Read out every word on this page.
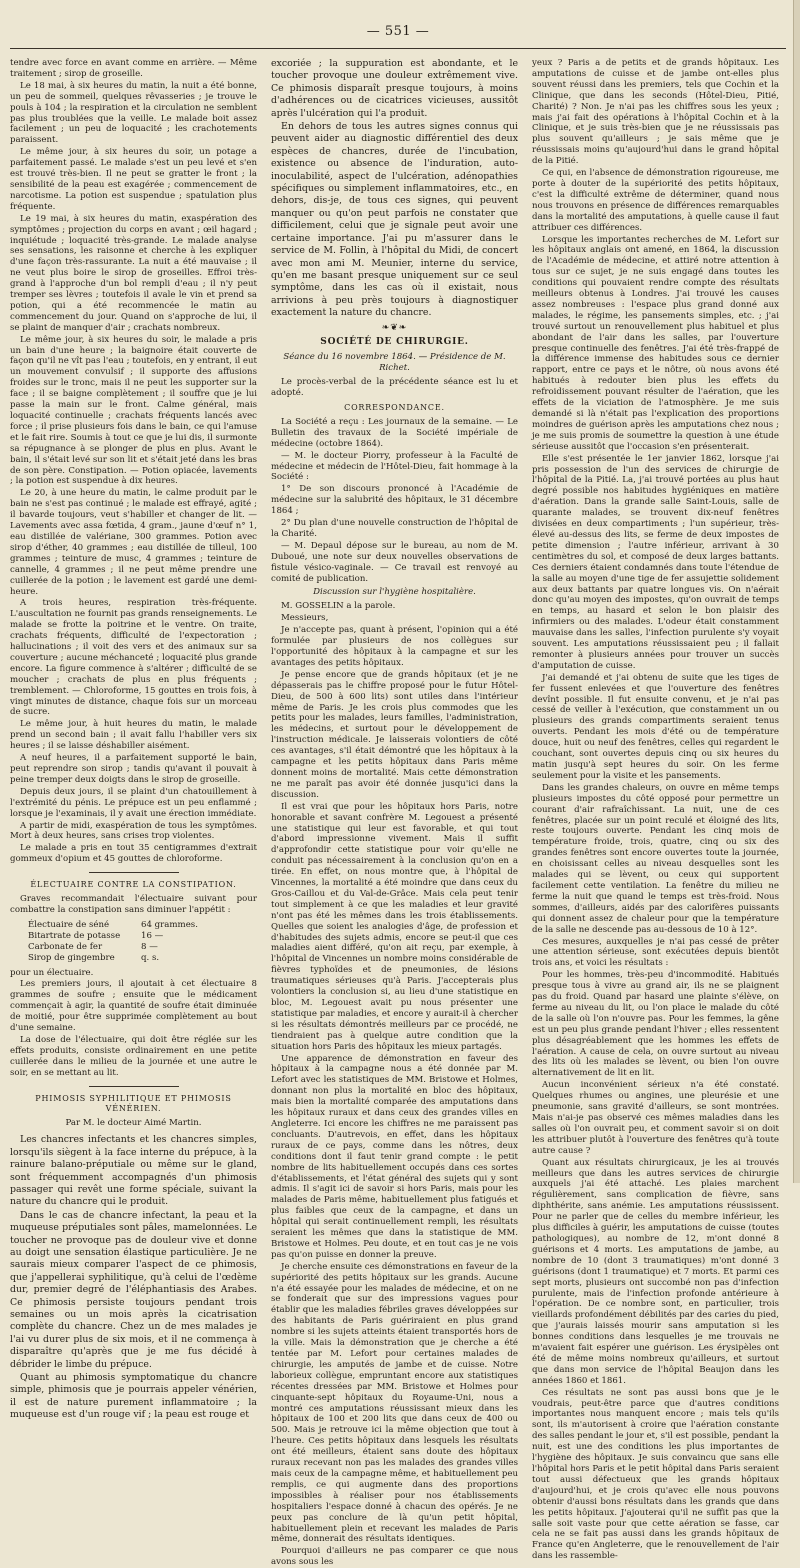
— 551 —

tendre avec force en avant comme en arrière. — Même traitement ; sirop de groseille.

Le 18 mai, à six heures du matin, la nuit a été bonne, un peu de sommeil, quelques rêvasseries ; je trouve le pouls à 104 ; la respiration et la circulation ne semblent pas plus troublées que la veille. Le malade boit assez facilement ; un peu de loquacité ; les crachotements paraissent.

Le même jour, à six heures du soir, un potage a parfaitement passé. Le malade s'est un peu levé et s'en est trouvé très-bien. Il ne peut se gratter le front ; la sensibilité de la peau est exagérée ; commencement de narcotisme. La potion est suspendue ; spatulation plus fréquente.

Le 19 mai, à six heures du matin, exaspération des symptômes ; projection du corps en avant ; œil hagard ; inquiétude ; loquacité très-grande. Le malade analyse ses sensations, les raisonne et cherche à les expliquer d'une façon très-rassurante. La nuit a été mauvaise ; il ne veut plus boire le sirop de groseilles. Effroi très-grand à l'approche d'un bol rempli d'eau ; il n'y peut tremper ses lèvres ; toutefois il avale le vin et prend sa potion, qui a été recommencée le matin au commencement du jour. Quand on s'approche de lui, il se plaint de manquer d'air ; crachats nombreux.

Le même jour, à six heures du soir, le malade a pris un bain d'une heure ; la baignoire était couverte de façon qu'il ne vît pas l'eau ; toutefois, en y entrant, il eut un mouvement convulsif ; il supporte des affusions froides sur le tronc, mais il ne peut les supporter sur la face ; il se baigne complètement ; il souffre que je lui passe la main sur le front. Calme général, mais loquacité continuelle ; crachats fréquents lancés avec force ; il prise plusieurs fois dans le bain, ce qui l'amuse et le fait rire. Soumis à tout ce que je lui dis, il surmonte sa répugnance à se plonger de plus en plus. Avant le bain, il s'était levé sur son lit et s'était jeté dans les bras de son père. Constipation. — Potion opiacée, lavements ; la potion est suspendue à dix heures.

Le 20, à une heure du matin, le calme produit par le bain ne s'est pas continué ; le malade est effrayé, agité ; il bavarde toujours, veut s'habiller et changer de lit. — Lavements avec assa fœtida, 4 gram., jaune d'œuf n° 1, eau distillée de valériane, 300 grammes. Potion avec sirop d'éther, 40 grammes ; eau distillée de tilleul, 100 grammes ; teinture de musc, 4 grammes ; teinture de cannelle, 4 grammes ; il ne peut même prendre une cuillerée de la potion ; le lavement est gardé une demi-heure.

A trois heures, respiration très-fréquente. L'auscultation ne fournit pas grands renseignements. Le malade se frotte la poitrine et le ventre. On traite, crachats fréquents, difficulté de l'expectoration ; hallucinations ; il voit des vers et des animaux sur sa couverture ; aucune méchanceté ; loquacité plus grande encore. La figure commence à s'altérer ; difficulté de se moucher ; crachats de plus en plus fréquents ; tremblement. — Chloroforme, 15 gouttes en trois fois, à vingt minutes de distance, chaque fois sur un morceau de sucre.

Le même jour, à huit heures du matin, le malade prend un second bain ; il avait fallu l'habiller vers six heures ; il se laisse déshabiller aisément.

A neuf heures, il a parfaitement supporté le bain, peut reprendre son sirop ; tandis qu'avant il pouvait à peine tremper deux doigts dans le sirop de groseille.

Depuis deux jours, il se plaint d'un chatouillement à l'extrémité du pénis. Le prépuce est un peu enflammé ; lorsque je l'examinais, il y avait une érection immédiate.

A partir de midi, exaspération de tous les symptômes. Mort à deux heures, sans crises trop violentes.

Le malade a pris en tout 35 centigrammes d'extrait gommeux d'opium et 45 gouttes de chloroforme.

ÉLECTUAIRE CONTRE LA CONSTIPATION.

Graves recommandait l'électuaire suivant pour combattre la constipation sans diminuer l'appétit :

Électuaire de séné	64 grammes.
Bitartrate de potasse	16 —
Carbonate de fer	8 —
Sirop de gingembre	q. s.

pour un électuaire.

Les premiers jours, il ajoutait à cet électuaire 8 grammes de soufre ; ensuite que le médicament commençait à agir, la quantité de soufre était diminuée de moitié, pour être supprimée complètement au bout d'une semaine.

La dose de l'électuaire, qui doit être réglée sur les effets produits, consiste ordinairement en une petite cuillerée dans le milieu de la journée et une autre le soir, en se mettant au lit.

PHIMOSIS SYPHILITIQUE ET PHIMOSIS VÉNÉRIEN.
Par M. le docteur Aimé Martin.

Les chancres infectants et les chancres simples, lorsqu'ils siègent à la face interne du prépuce, à la rainure balano-préputiale ou même sur le gland, sont fréquemment accompagnés d'un phimosis passager qui revêt une forme spéciale, suivant la nature du chancre qui le produit.

Dans le cas de chancre infectant, la peau et la muqueuse préputiales sont pâles, mamelonnées. Le toucher ne provoque pas de douleur vive et donne au doigt une sensation élastique particulière. Je ne saurais mieux comparer l'aspect de ce phimosis, que j'appellerai syphilitique, qu'à celui de l'œdème dur, premier degré de l'éléphantiasis des Arabes. Ce phimosis persiste toujours pendant trois semaines ou un mois après la cicatrisation complète du chancre. Chez un de mes malades je l'ai vu durer plus de six mois, et il ne commença à disparaître qu'après que je me fus décidé à débrider le limbe du prépuce.

Quant au phimosis symptomatique du chancre simple, phimosis que je pourrais appeler vénérien, il est de nature purement inflammatoire ; la muqueuse est d'un rouge vif ; la peau est rouge et

excoriée ; la suppuration est abondante, et le toucher provoque une douleur extrêmement vive. Ce phimosis disparaît presque toujours, à moins d'adhérences ou de cicatrices vicieuses, aussitôt après l'ulcération qui l'a produit.

En dehors de tous les autres signes connus qui peuvent aider au diagnostic différentiel des deux espèces de chancres, durée de l'incubation, existence ou absence de l'induration, auto-inoculabilité, aspect de l'ulcération, adénopathies spécifiques ou simplement inflammatoires, etc., en dehors, dis-je, de tous ces signes, qui peuvent manquer ou qu'on peut parfois ne constater que difficilement, celui que je signale peut avoir une certaine importance. J'ai pu m'assurer dans le service de M. Follin, à l'hôpital du Midi, de concert avec mon ami M. Meunier, interne du service, qu'en me basant presque uniquement sur ce seul symptôme, dans les cas où il existait, nous arrivions à peu près toujours à diagnostiquer exactement la nature du chancre.

❧❦❧
SOCIÉTÉ DE CHIRURGIE.
Séance du 16 novembre 1864. — Présidence de M. Richet.

Le procès-verbal de la précédente séance est lu et adopté.

CORRESPONDANCE.

La Société a reçu : Les journaux de la semaine. — Le Bulletin des travaux de la Société impériale de médecine (octobre 1864).

— M. le docteur Piorry, professeur à la Faculté de médecine et médecin de l'Hôtel-Dieu, fait hommage à la Société :

1° De son discours prononcé à l'Académie de médecine sur la salubrité des hôpitaux, le 31 décembre 1864 ;

2° Du plan d'une nouvelle construction de l'hôpital de la Charité.

— M. Depaul dépose sur le bureau, au nom de M. Duboué, une note sur deux nouvelles observations de fistule vésico-vaginale. — Ce travail est renvoyé au comité de publication.

Discussion sur l'hygiène hospitalière.

M. GOSSELIN a la parole.

Messieurs,

Je n'accepte pas, quant à présent, l'opinion qui a été formulée par plusieurs de nos collègues sur l'opportunité des hôpitaux à la campagne et sur les avantages des petits hôpitaux.

Je pense encore que de grands hôpitaux (et je ne dépasserais pas le chiffre proposé pour le futur Hôtel-Dieu, de 500 à 600 lits) sont utiles dans l'intérieur même de Paris. Je les crois plus commodes que les petits pour les malades, leurs familles, l'administration, les médecins, et surtout pour le développement de l'instruction médicale. Je laisserais volontiers de côté ces avantages, s'il était démontré que les hôpitaux à la campagne et les petits hôpitaux dans Paris même donnent moins de mortalité. Mais cette démonstration ne me paraît pas avoir été donnée jusqu'ici dans la discussion.

Il est vrai que pour les hôpitaux hors Paris, notre honorable et savant confrère M. Legouest a présenté une statistique qui leur est favorable, et qui tout d'abord impressionne vivement. Mais il suffit d'approfondir cette statistique pour voir qu'elle ne conduit pas nécessairement à la conclusion qu'on en a tirée. En effet, on nous montre que, à l'hôpital de Vincennes, la mortalité a été moindre que dans ceux du Gros-Caillou et du Val-de-Grâce. Mais cela peut tenir tout simplement à ce que les maladies et leur gravité n'ont pas été les mêmes dans les trois établissements. Quelles que soient les analogies d'âge, de profession et d'habitudes des sujets admis, encore se peut-il que ces maladies aient différé, qu'on ait reçu, par exemple, à l'hôpital de Vincennes un nombre moins considérable de fièvres typhoïdes et de pneumonies, de lésions traumatiques sérieuses qu'à Paris. J'accepterais plus volontiers la conclusion si, au lieu d'une statistique en bloc, M. Legouest avait pu nous présenter une statistique par maladies, et encore y aurait-il à chercher si les résultats démontrés meilleurs par ce procédé, ne tiendraient pas à quelque autre condition que la situation hors Paris des hôpitaux les mieux partagés.

Une apparence de démonstration en faveur des hôpitaux à la campagne nous a été donnée par M. Lefort avec les statistiques de MM. Bristowe et Holmes, donnant non plus la mortalité en bloc des hôpitaux, mais bien la mortalité comparée des amputations dans les hôpitaux ruraux et dans ceux des grandes villes en Angleterre. Ici encore les chiffres ne me paraissent pas concluants. D'autrevois, en effet, dans les hôpitaux ruraux de ce pays, comme dans les nôtres, deux conditions dont il faut tenir grand compte : le petit nombre de lits habituellement occupés dans ces sortes d'établissements, et l'état général des sujets qui y sont admis. Il s'agit ici de savoir si hors Paris, mais pour les malades de Paris même, habituellement plus fatigués et plus faibles que ceux de la campagne, et dans un hôpital qui serait continuellement rempli, les résultats seraient les mêmes que dans la statistique de MM. Bristowe et Holmes. Peu doute, et en tout cas je ne vois pas qu'on puisse en donner la preuve.

Je cherche ensuite ces démonstrations en faveur de la supériorité des petits hôpitaux sur les grands. Aucune n'a été essayée pour les malades de médecine, et on ne se fonderait que sur des impressions vagues pour établir que les maladies fébriles graves développées sur des habitants de Paris guériraient en plus grand nombre si les sujets atteints étaient transportés hors de la ville. Mais la démonstration que je cherche a été tentée par M. Lefort pour certaines malades de chirurgie, les amputés de jambe et de cuisse. Notre laborieux collègue, empruntant encore aux statistiques récentes dressées par MM. Bristowe et Holmes pour cinquante-sept hôpitaux du Royaume-Uni, nous a montré ces amputations réussissant mieux dans les hôpitaux de 100 et 200 lits que dans ceux de 400 ou 500. Mais je retrouve ici la même objection que tout à l'heure. Ces petits hôpitaux dans lesquels les résultats ont été meilleurs, étaient sans doute des hôpitaux ruraux recevant non pas les malades des grandes villes mais ceux de la campagne même, et habituellement peu remplis, ce qui augmente dans des proportions impossibles à réaliser pour nos établissements hospitaliers l'espace donné à chacun des opérés. Je ne peux pas conclure de là qu'un petit hôpital, habituellement plein et recevant les malades de Paris même, donnerait des résultats identiques.

Pourquoi d'ailleurs ne pas comparer ce que nous avons sous les

yeux ? Paris a de petits et de grands hôpitaux. Les amputations de cuisse et de jambe ont-elles plus souvent réussi dans les premiers, tels que Cochin et la Clinique, que dans les seconds (Hôtel-Dieu, Pitié, Charité) ? Non. Je n'ai pas les chiffres sous les yeux ; mais j'ai fait des opérations à l'hôpital Cochin et à la Clinique, et je suis très-bien que je ne réussissais pas plus souvent qu'ailleurs ; je sais même que je réussissais moins qu'aujourd'hui dans le grand hôpital de la Pitié.

Ce qui, en l'absence de démonstration rigoureuse, me porte à douter de la supériorité des petits hôpitaux, c'est la difficulté extrême de déterminer, quand nous nous trouvons en présence de différences remarquables dans la mortalité des amputations, à quelle cause il faut attribuer ces différences.

Lorsque les importantes recherches de M. Lefort sur les hôpitaux anglais ont amené, en 1864, la discussion de l'Académie de médecine, et attiré notre attention à tous sur ce sujet, je ne suis engagé dans toutes les conditions qui pouvaient rendre compte des résultats meilleurs obtenus à Londres. J'ai trouvé les causes assez nombreuses : l'espace plus grand donné aux malades, le régime, les pansements simples, etc. ; j'ai trouvé surtout un renouvellement plus habituel et plus abondant de l'air dans les salles, par l'ouverture presque continuelle des fenêtres. J'ai été très-frappé de la différence immense des habitudes sous ce dernier rapport, entre ce pays et le nôtre, où nous avons été habitués à redouter bien plus les effets du refroidissement pouvant résulter de l'aération, que les effets de la viciation de l'atmosphère. Je me suis demandé si là n'était pas l'explication des proportions moindres de guérison après les amputations chez nous ; je me suis promis de soumettre la question à une étude sérieuse aussitôt que l'occasion s'en présenterait.

Elle s'est présentée le 1er janvier 1862, lorsque j'ai pris possession de l'un des services de chirurgie de l'hôpital de la Pitié. La, j'ai trouvé portées au plus haut degré possible nos habitudes hygiéniques en matière d'aération. Dans la grande salle Saint-Louis, salle de quarante malades, se trouvent dix-neuf fenêtres divisées en deux compartiments ; l'un supérieur, très-élevé au-dessus des lits, se ferme de deux impostes de petite dimension ; l'autre inférieur, arrivant à 30 centimètres du sol, et composé de deux larges battants. Ces derniers étaient condamnés dans toute l'étendue de la salle au moyen d'une tige de fer assujettie solidement aux deux battants par quatre longues vis. On n'aérait donc qu'au moyen des impostes, qu'on ouvrait de temps en temps, au hasard et selon le bon plaisir des infirmiers ou des malades. L'odeur était constamment mauvaise dans les salles, l'infection purulente s'y voyait souvent. Les amputations réussissaient peu ; il fallait remonter à plusieurs années pour trouver un succès d'amputation de cuisse.

J'ai demandé et j'ai obtenu de suite que les tiges de fer fussent enlevées et que l'ouverture des fenêtres devînt possible. Il fut ensuite convenu, et je n'ai pas cessé de veiller à l'exécution, que constamment un ou plusieurs des grands compartiments seraient tenus ouverts. Pendant les mois d'été ou de température douce, huit ou neuf des fenêtres, celles qui regardent le couchant, sont ouvertes depuis cinq ou six heures du matin jusqu'à sept heures du soir. On les ferme seulement pour la visite et les pansements.

Dans les grandes chaleurs, on ouvre en même temps plusieurs impostes du côté opposé pour permettre un courant d'air rafraîchissant. La nuit, une de ces fenêtres, placée sur un point reculé et éloigné des lits, reste toujours ouverte. Pendant les cinq mois de température froide, trois, quatre, cinq ou six des grandes fenêtres sont encore ouvertes toute la journée, en choisissant celles au niveau desquelles sont les malades qui se lèvent, ou ceux qui supportent facilement cette ventilation. La fenêtre du milieu ne ferme la nuit que quand le temps est très-froid. Nous sommes, d'ailleurs, aidés par des calorifères puissants qui donnent assez de chaleur pour que la température de la salle ne descende pas au-dessous de 10 à 12°.

Ces mesures, auxquelles je n'ai pas cessé de prêter une attention sérieuse, sont exécutées depuis bientôt trois ans, et voici les résultats :

Pour les hommes, très-peu d'incommodité. Habitués presque tous à vivre au grand air, ils ne se plaignent pas du froid. Quand par hasard une plainte s'élève, on ferme au niveau du lit, ou l'on place le malade du côté de la salle où l'on n'ouvre pas. Pour les femmes, la gêne est un peu plus grande pendant l'hiver ; elles ressentent plus désagréablement que les hommes les effets de l'aération. A cause de cela, on ouvre surtout au niveau des lits où les malades se lèvent, ou bien l'on ouvre alternativement de lit en lit.

Aucun inconvénient sérieux n'a été constaté. Quelques rhumes ou angines, une pleurésie et une pneumonie, sans gravité d'ailleurs, se sont montrées. Mais n'ai-je pas observé ces mêmes maladies dans les salles où l'on ouvrait peu, et comment savoir si on doit les attribuer plutôt à l'ouverture des fenêtres qu'à toute autre cause ?

Quant aux résultats chirurgicaux, je les ai trouvés meilleurs que dans les autres services de chirurgie auxquels j'ai été attaché. Les plaies marchent régulièrement, sans complication de fièvre, sans diphthérite, sans anémie. Les amputations réussissent. Pour ne parler que de celles du membre inférieur, les plus difficiles à guérir, les amputations de cuisse (toutes pathologiques), au nombre de 12, m'ont donné 8 guérisons et 4 morts. Les amputations de jambe, au nombre de 10 (dont 3 traumatiques) m'ont donné 3 guérisons (dont 1 traumatique) et 7 morts. Et parmi ces sept morts, plusieurs ont succombé non pas d'infection purulente, mais de l'infection profonde antérieure à l'opération. De ce nombre sont, en particulier, trois vieillards profondément débilités par des caries du pied, que j'aurais laissés mourir sans amputation si les bonnes conditions dans lesquelles je me trouvais ne m'avaient fait espérer une guérison. Les érysipèles ont été de même moins nombreux qu'ailleurs, et surtout que dans mon service de l'hôpital Beaujon dans les années 1860 et 1861.

Ces résultats ne sont pas aussi bons que je le voudrais, peut-être parce que d'autres conditions importantes nous manquent encore ; mais tels qu'ils sont, ils m'autorisent à croire que l'aération constante des salles pendant le jour et, s'il est possible, pendant la nuit, est une des conditions les plus importantes de l'hygiène des hôpitaux. Je suis convaincu que sans elle l'hôpital hors Paris et le petit hôpital dans Paris seraient tout aussi défectueux que les grands hôpitaux d'aujourd'hui, et je crois qu'avec elle nous pouvons obtenir d'aussi bons résultats dans les grands que dans les petits hôpitaux. J'ajouterai qu'il ne suffit pas que la salle soit vaste pour que cette aération se fasse, car cela ne se fait pas aussi dans les grands hôpitaux de France qu'en Angleterre, que le renouvellement de l'air dans les rassemble-
